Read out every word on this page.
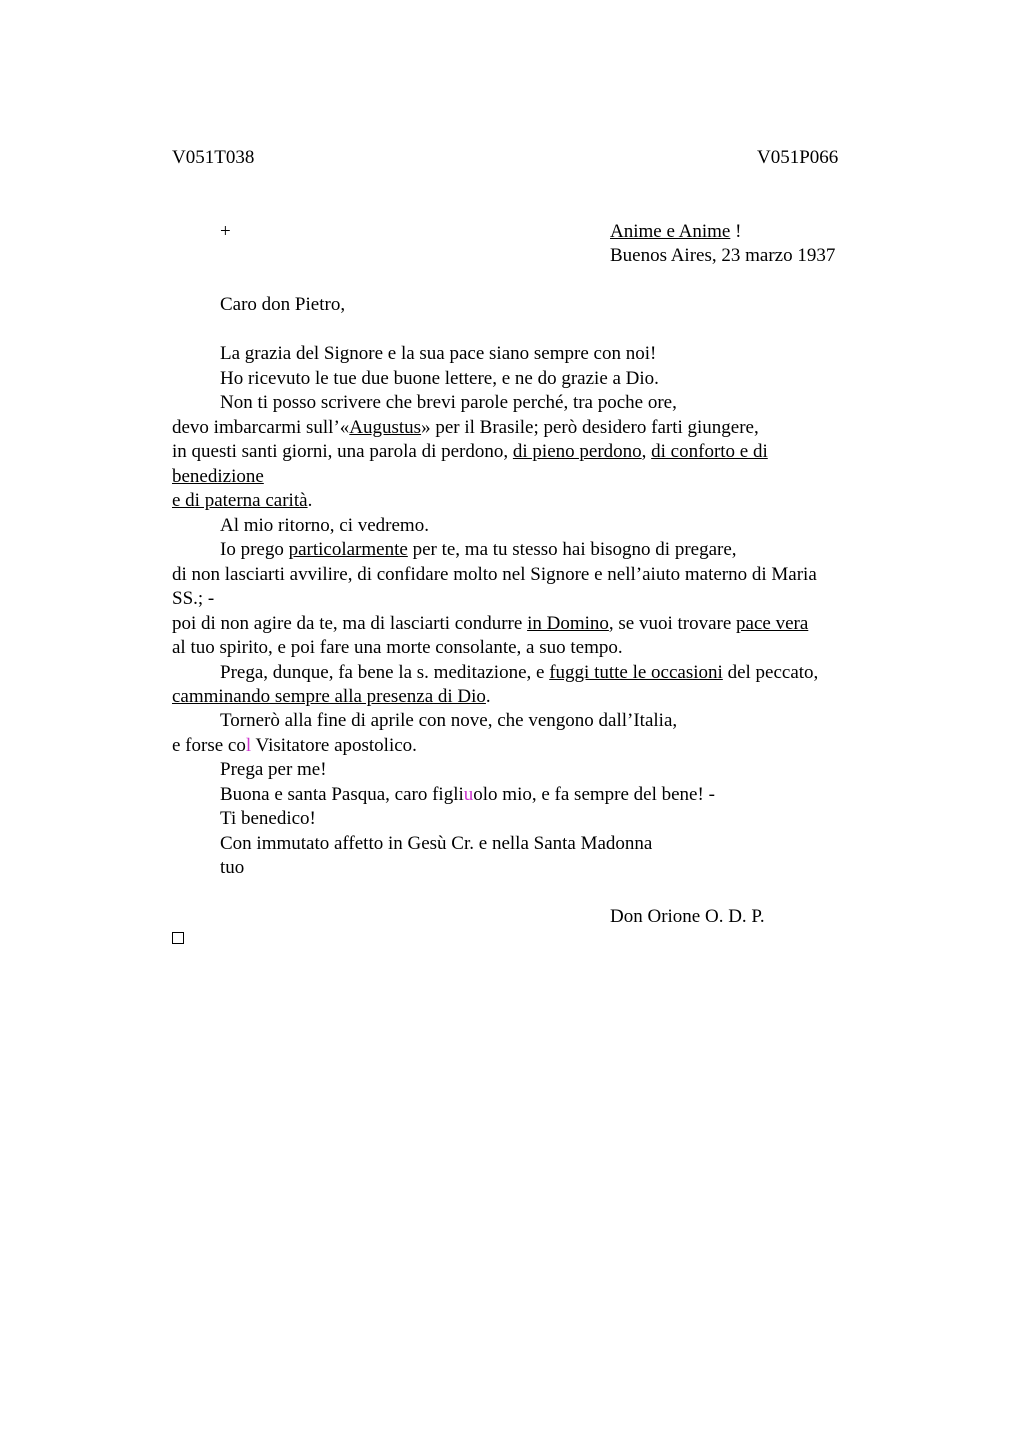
V051T038	V051P066
+	Anime e Anime !
Buenos Aires, 23 marzo 1937
Caro don Pietro,
La grazia del Signore e la sua pace siano sempre con noi!
Ho ricevuto le tue due buone lettere, e ne do grazie a Dio.
Non ti posso scrivere che brevi parole perché, tra poche ore,
devo imbarcarmi sull’«Augustus» per il Brasile; però desidero farti giungere,
in questi santi giorni, una parola di perdono, di pieno perdono, di conforto e di
benedizione
e di paterna carità.
Al mio ritorno, ci vedremo.
Io prego particolarmente per te, ma tu stesso hai bisogno di pregare,
di non lasciarti avvilire, di confidare molto nel Signore e nell’aiuto materno di Maria
SS.; -
poi di non agire da te, ma di lasciarti condurre in Domino, se vuoi trovare pace vera
al tuo spirito, e poi fare una morte consolante, a suo tempo.
Prega, dunque, fa bene la s. meditazione, e fuggi tutte le occasioni del peccato,
camminando sempre alla presenza di Dio.
Tornerò alla fine di aprile con nove, che vengono dall’Italia,
e forse col Visitatore apostolico.
Prega per me!
Buona e santa Pasqua, caro figliuolo mio, e fa sempre del bene! -
Ti benedico!
Con immutato affetto in Gesù Cr. e nella Santa Madonna
tuo
Don Orione O. D. P.
